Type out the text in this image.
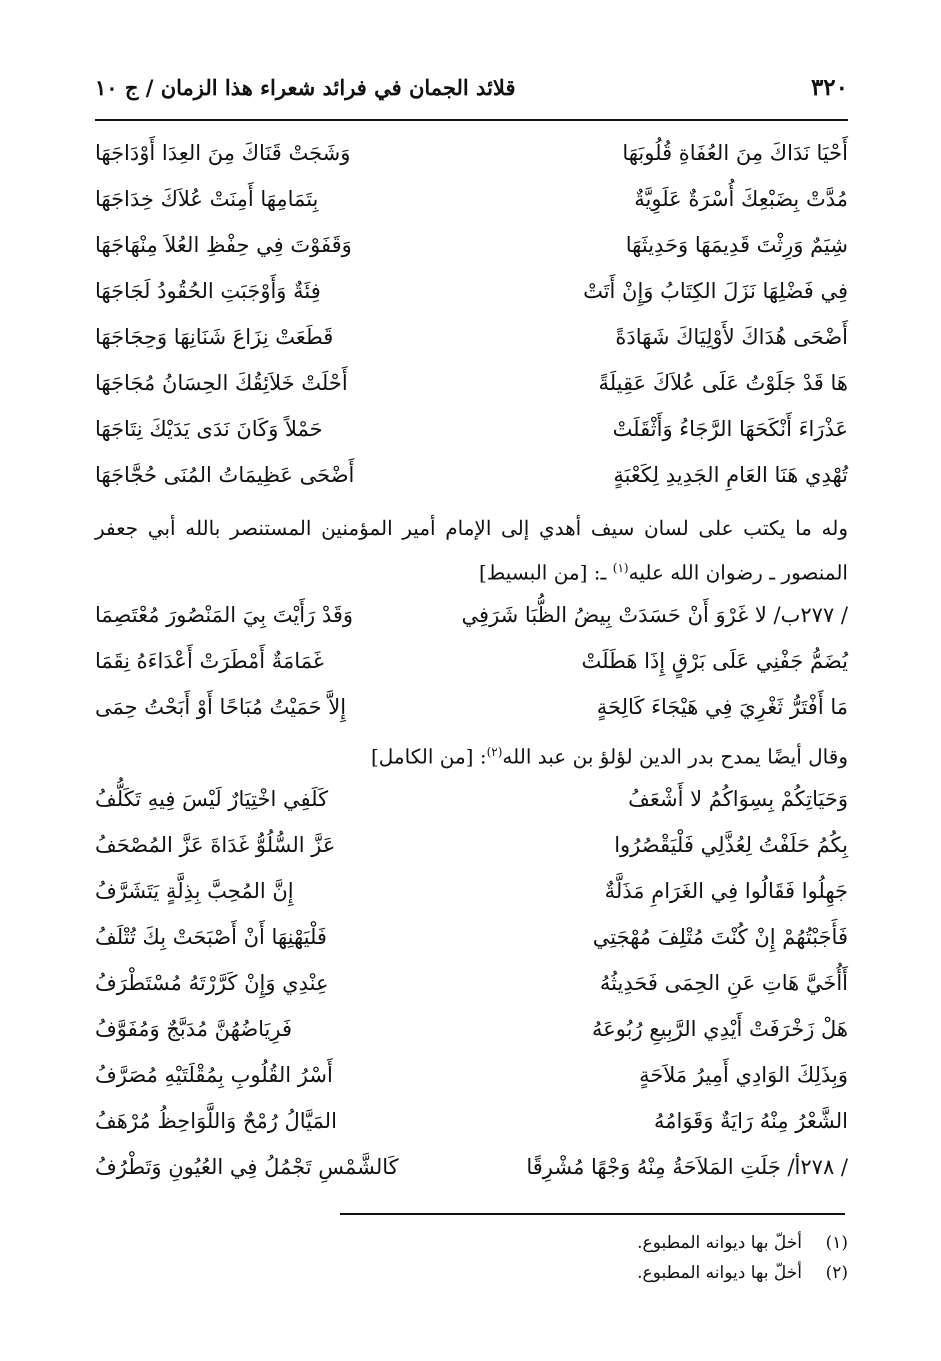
٣٢٠
قلائد الجمان في فرائد شعراء هذا الزمان / ج ١٠
أَحْيَا نَدَاكَ مِنَ العُفَاةِ قُلُوبَهَا
وَشَجَتْ قَنَاكَ مِنَ العِدَا أَوْدَاجَهَا
مُدَّتْ بِضَبْعِكَ أُسْرَةٌ عَلَوِيَّةٌ
بِتَمَامِهَا أَمِنَتْ عُلاَكَ خِدَاجَهَا
شِيَمٌ وَرِثْتَ قَدِيمَهَا وَحَدِيثَهَا
وَقَفَوْتَ فِي حِفْظِ العُلاَ مِنْهَاجَهَا
فِي فَضْلِهَا نَزَلَ الكِتَابُ وَإِنْ أَتَتْ
فِئَةٌ وَأَوْجَبَتِ الحُقُودُ لَجَاجَهَا
أَضْحَى هُدَاكَ لأَوْلِيَاكَ شَهَادَةً
قَطَعَتْ نِزَاعَ شَنَانِهَا وَحِجَاجَهَا
هَا قَدْ جَلَوْتُ عَلَى عُلاَكَ عَقِيلَةً
أَحْلَتْ خَلاَئِقُكَ الحِسَانُ مُجَاجَهَا
عَذْرَاءَ أَنْكَحَهَا الرَّجَاءُ وَأَثْقَلَتْ
حَمْلاً وَكَانَ نَدَى يَدَيْكَ نِتَاجَهَا
تُهْدِي هَنَا العَامِ الجَدِيدِ لِكَعْبَةٍ
أَضْحَى عَظِيمَاتُ المُنَى حُجَّاجَهَا
وله ما يكتب على لسان سيف أهدي إلى الإمام أمير المؤمنين المستنصر بالله أبي جعفر المنصور ـ رضوان الله عليه$^{(١)}$ ـ: [من البسيط]
/ ٢٧٧ب/ لا غَرْوَ أَنْ حَسَدَتْ بِيضُ الظُّبَا شَرَفِي
وَقَدْ رَأَيْتَ بِيَ المَنْصُورَ مُعْتَصِمَا
يُضَمُّ جَفْنِي عَلَى بَرْقٍ إِذَا هَطَلَتْ
غَمَامَةٌ أَمْطَرَتْ أَعْدَاءَهُ نِقَمَا
مَا أَفْتَرُّ ثَغْرِيَ فِي هَيْجَاءَ كَالِحَةٍ
إِلاَّ حَمَيْتُ مُبَاحًا أَوْ أَبَحْتُ حِمَى
وقال أيضًا يمدح بدر الدين لؤلؤ بن عبد الله$^{(٢)}$: [من الكامل]
وَحَيَاتِكُمْ بِسِوَاكُمُ لا أَشْعَفُ
كَلَفِي اخْتِيَارٌ لَيْسَ فِيهِ تَكَلُّفُ
بِكُمُ حَلَفْتُ لِعُذَّلِي فَلْيَقْصُرُوا
عَزَّ السُّلُوُّ غَدَاةَ عَزَّ المُصْحَفُ
جَهِلُوا فَقَالُوا فِي الغَرَامِ مَذَلَّةٌ
إِنَّ المُحِبَّ بِذِلَّةٍ يَتَشَرَّفُ
فَأَجَبْتُهُمْ إِنْ كُنْتَ مُتْلِفَ مُهْجَتِي
فَلْيَهْنِهَا أَنْ أَصْبَحَتْ بِكَ تُتْلَفُ
أَأُخَيَّ هَاتِ عَنِ الحِمَى فَحَدِيثُهُ
عِنْدِي وَإِنْ كَرَّرْتَهُ مُسْتَطْرَفُ
هَلْ زَخْرَفَتْ أَيْدِي الرَّبِيعِ رُبُوعَهُ
فَرِيَاضُهُنَّ مُدَبَّجٌ وَمُفَوَّفُ
وَبِذَلِكَ الوَادِي أَمِيرُ مَلاَحَةٍ
أَسْرُ القُلُوبِ بِمُقْلَتَيْهِ مُصَرَّفُ
الشَّعْرُ مِنْهُ رَايَةٌ وَقَوَامُهُ
المَيَّالُ رُمْحٌ وَاللَّوَاحِظُ مُرْهَفُ
/ ٢٧٨أ/ جَلَتِ المَلاَحَةُ مِنْهُ وَجْهًا مُشْرِقًا
كَالشَّمْسِ تَجْمُلُ فِي العُيُونِ وَتَطْرُفُ
(١)
أخلّ بها ديوانه المطبوع.
(٢)
أخلّ بها ديوانه المطبوع.
